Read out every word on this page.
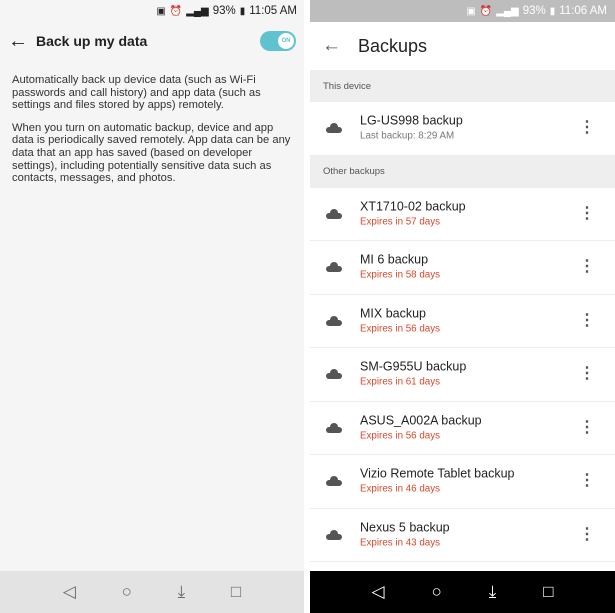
▣ ⏰ ▂▄▆ 93% ▮ 11:05 AM
← Back up my data	ON

Automatically back up device data (such as Wi-Fi passwords and call history) and app data (such as settings and files stored by apps) remotely.

When you turn on automatic backup, device and app data is periodically saved remotely. App data can be any data that an app has saved (based on developer settings), including potentially sensitive data such as contacts, messages, and photos.

◁	○	⤓	□
▣ ⏰ ▂▄▆ 93% ▮ 11:06 AM
← Backups
This device
LG-US998 backup
Last backup: 8:29 AM	⋮
Other backups
XT1710-02 backup
Expires in 57 days	⋮
MI 6 backup
Expires in 58 days	⋮
MIX backup
Expires in 56 days	⋮
SM-G955U backup
Expires in 61 days	⋮
ASUS_A002A backup
Expires in 56 days	⋮
Vizio Remote Tablet backup
Expires in 46 days	⋮
Nexus 5 backup
Expires in 43 days	⋮
◁	○	⤓	□
